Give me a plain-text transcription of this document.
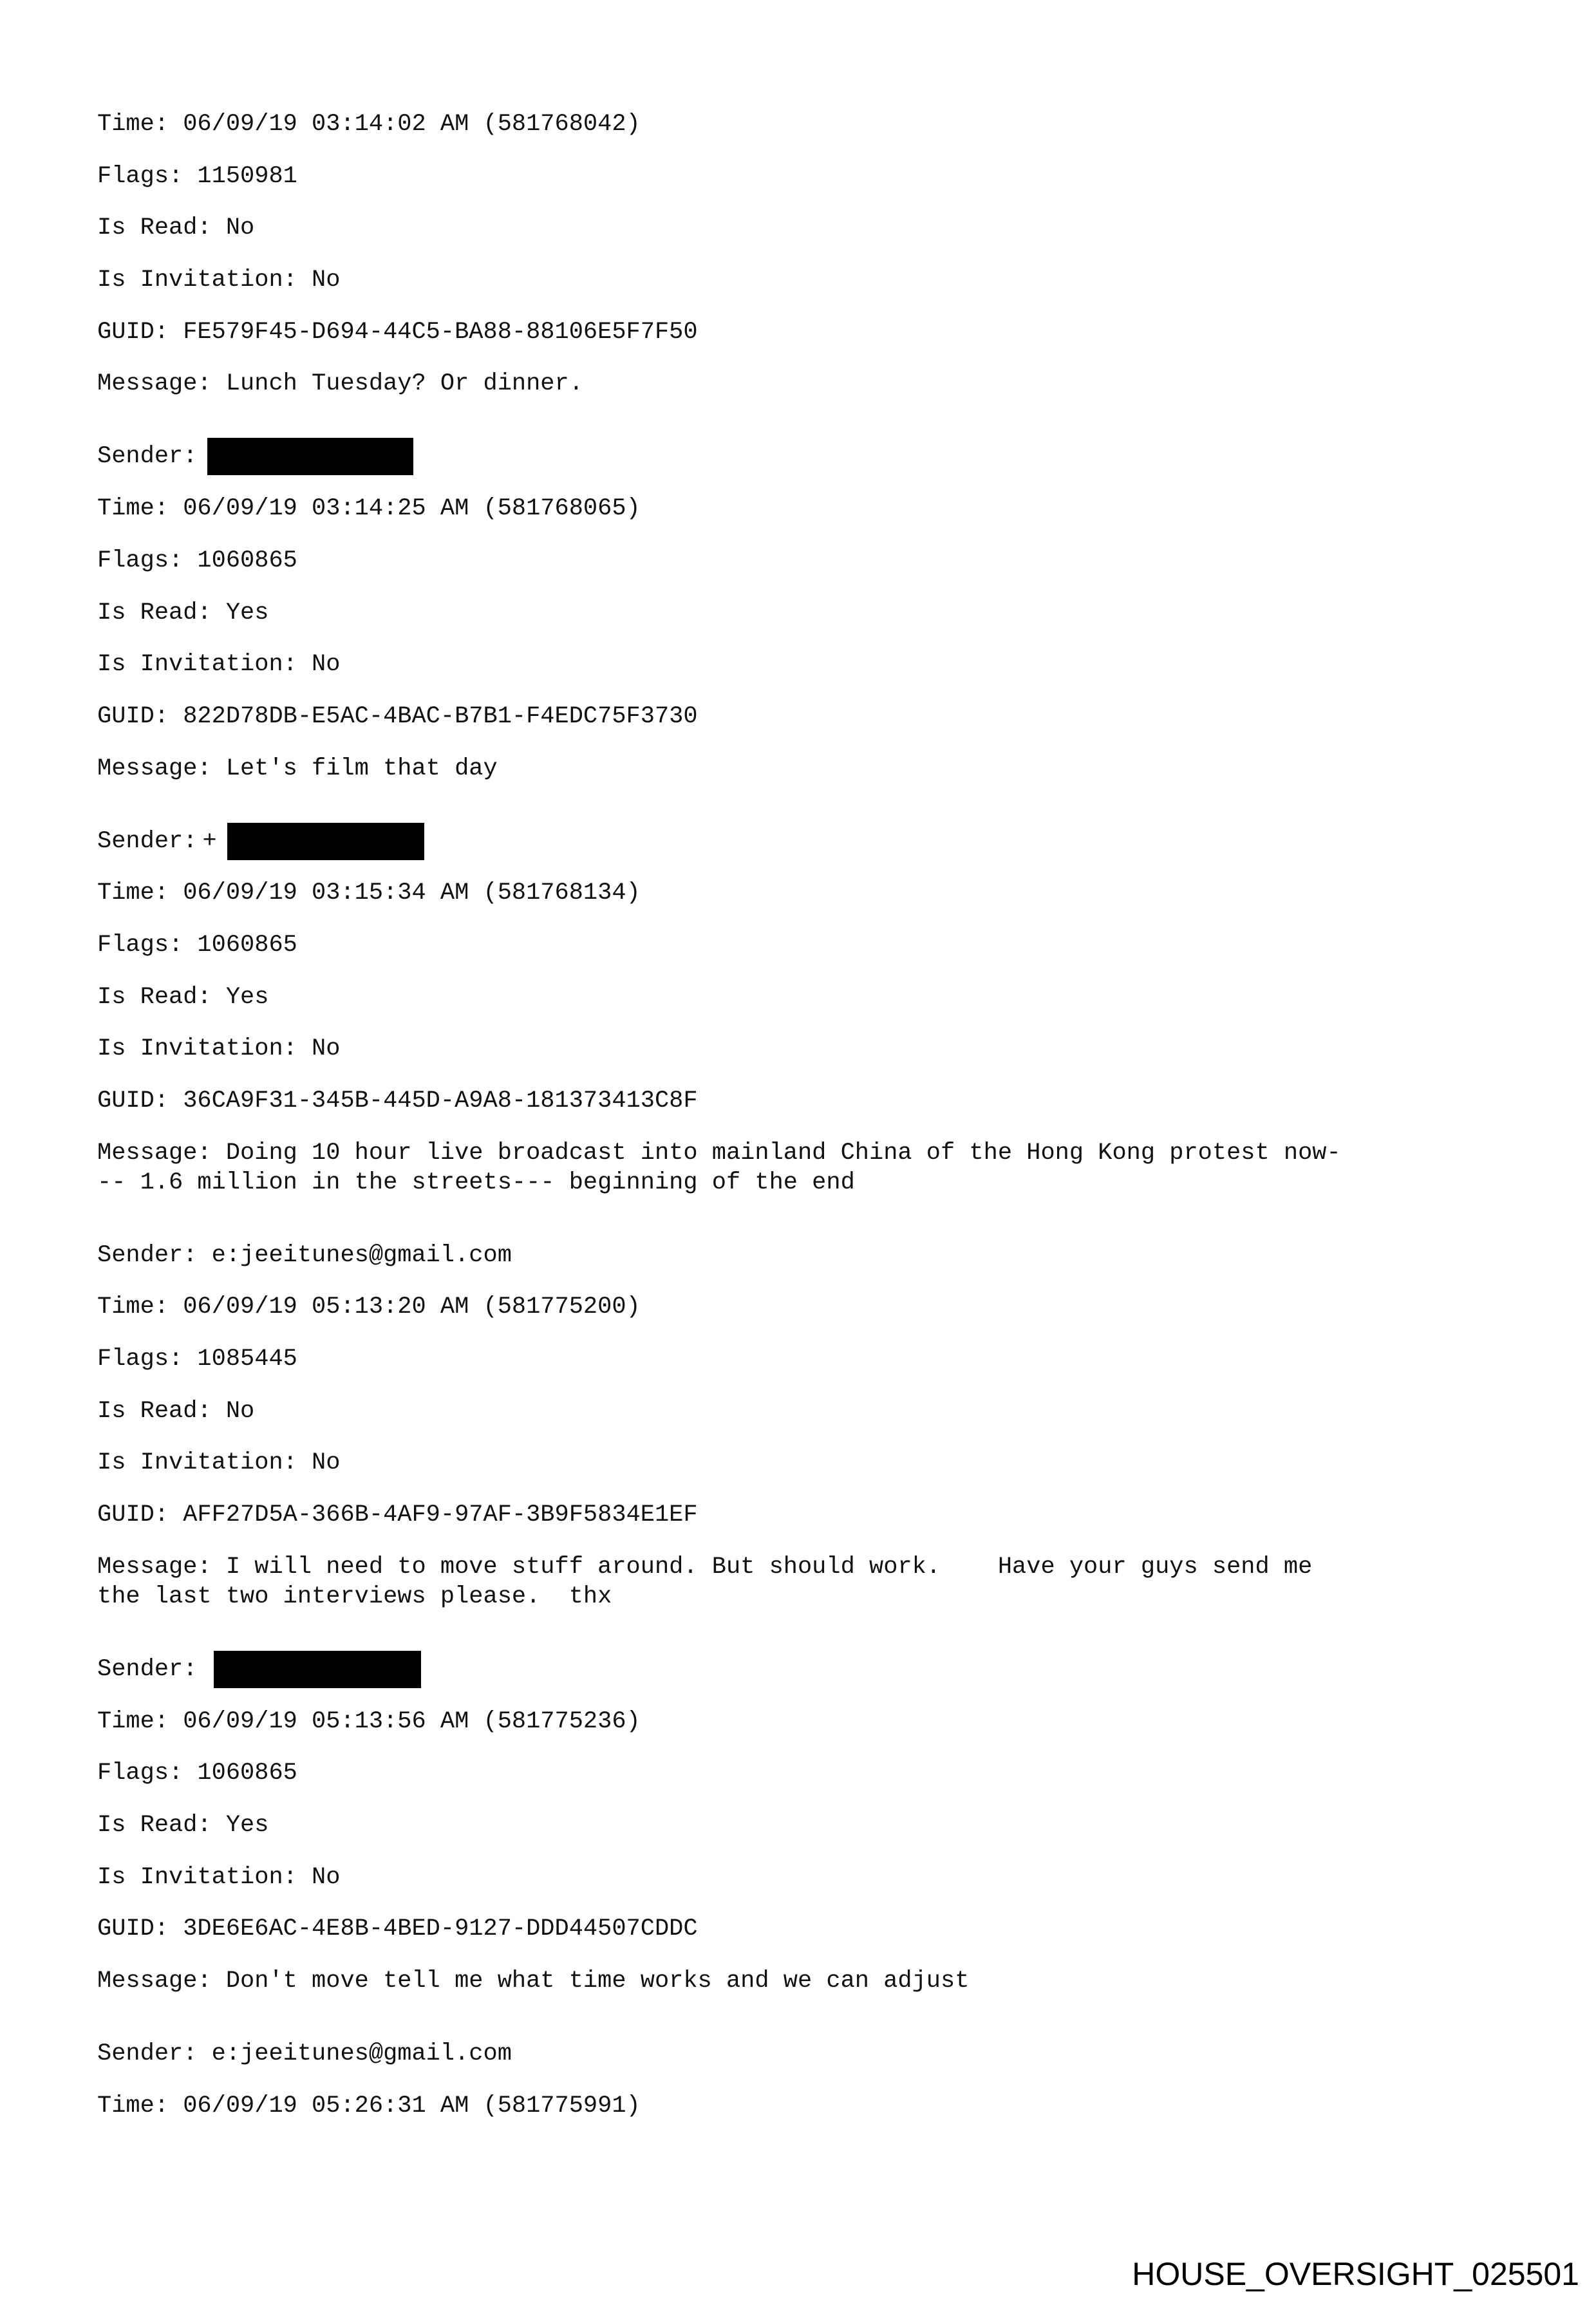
Time: 06/09/19 03:14:02 AM (581768042)
Flags: 1150981
Is Read: No
Is Invitation: No
GUID: FE579F45-D694-44C5-BA88-88106E5F7F50
Message: Lunch Tuesday? Or dinner.
Sender:
Time: 06/09/19 03:14:25 AM (581768065)
Flags: 1060865
Is Read: Yes
Is Invitation: No
GUID: 822D78DB-E5AC-4BAC-B7B1-F4EDC75F3730
Message: Let's film that day
Sender: +
Time: 06/09/19 03:15:34 AM (581768134)
Flags: 1060865
Is Read: Yes
Is Invitation: No
GUID: 36CA9F31-345B-445D-A9A8-181373413C8F
Message: Doing 10 hour live broadcast into mainland China of the Hong Kong protest now-
-- 1.6 million in the streets--- beginning of the end
Sender: e:jeeitunes@gmail.com
Time: 06/09/19 05:13:20 AM (581775200)
Flags: 1085445
Is Read: No
Is Invitation: No
GUID: AFF27D5A-366B-4AF9-97AF-3B9F5834E1EF
Message: I will need to move stuff around. But should work.    Have your guys send me
the last two interviews please.  thx
Sender:
Time: 06/09/19 05:13:56 AM (581775236)
Flags: 1060865
Is Read: Yes
Is Invitation: No
GUID: 3DE6E6AC-4E8B-4BED-9127-DDD44507CDDC
Message: Don't move tell me what time works and we can adjust
Sender: e:jeeitunes@gmail.com
Time: 06/09/19 05:26:31 AM (581775991)
HOUSE_OVERSIGHT_025501
